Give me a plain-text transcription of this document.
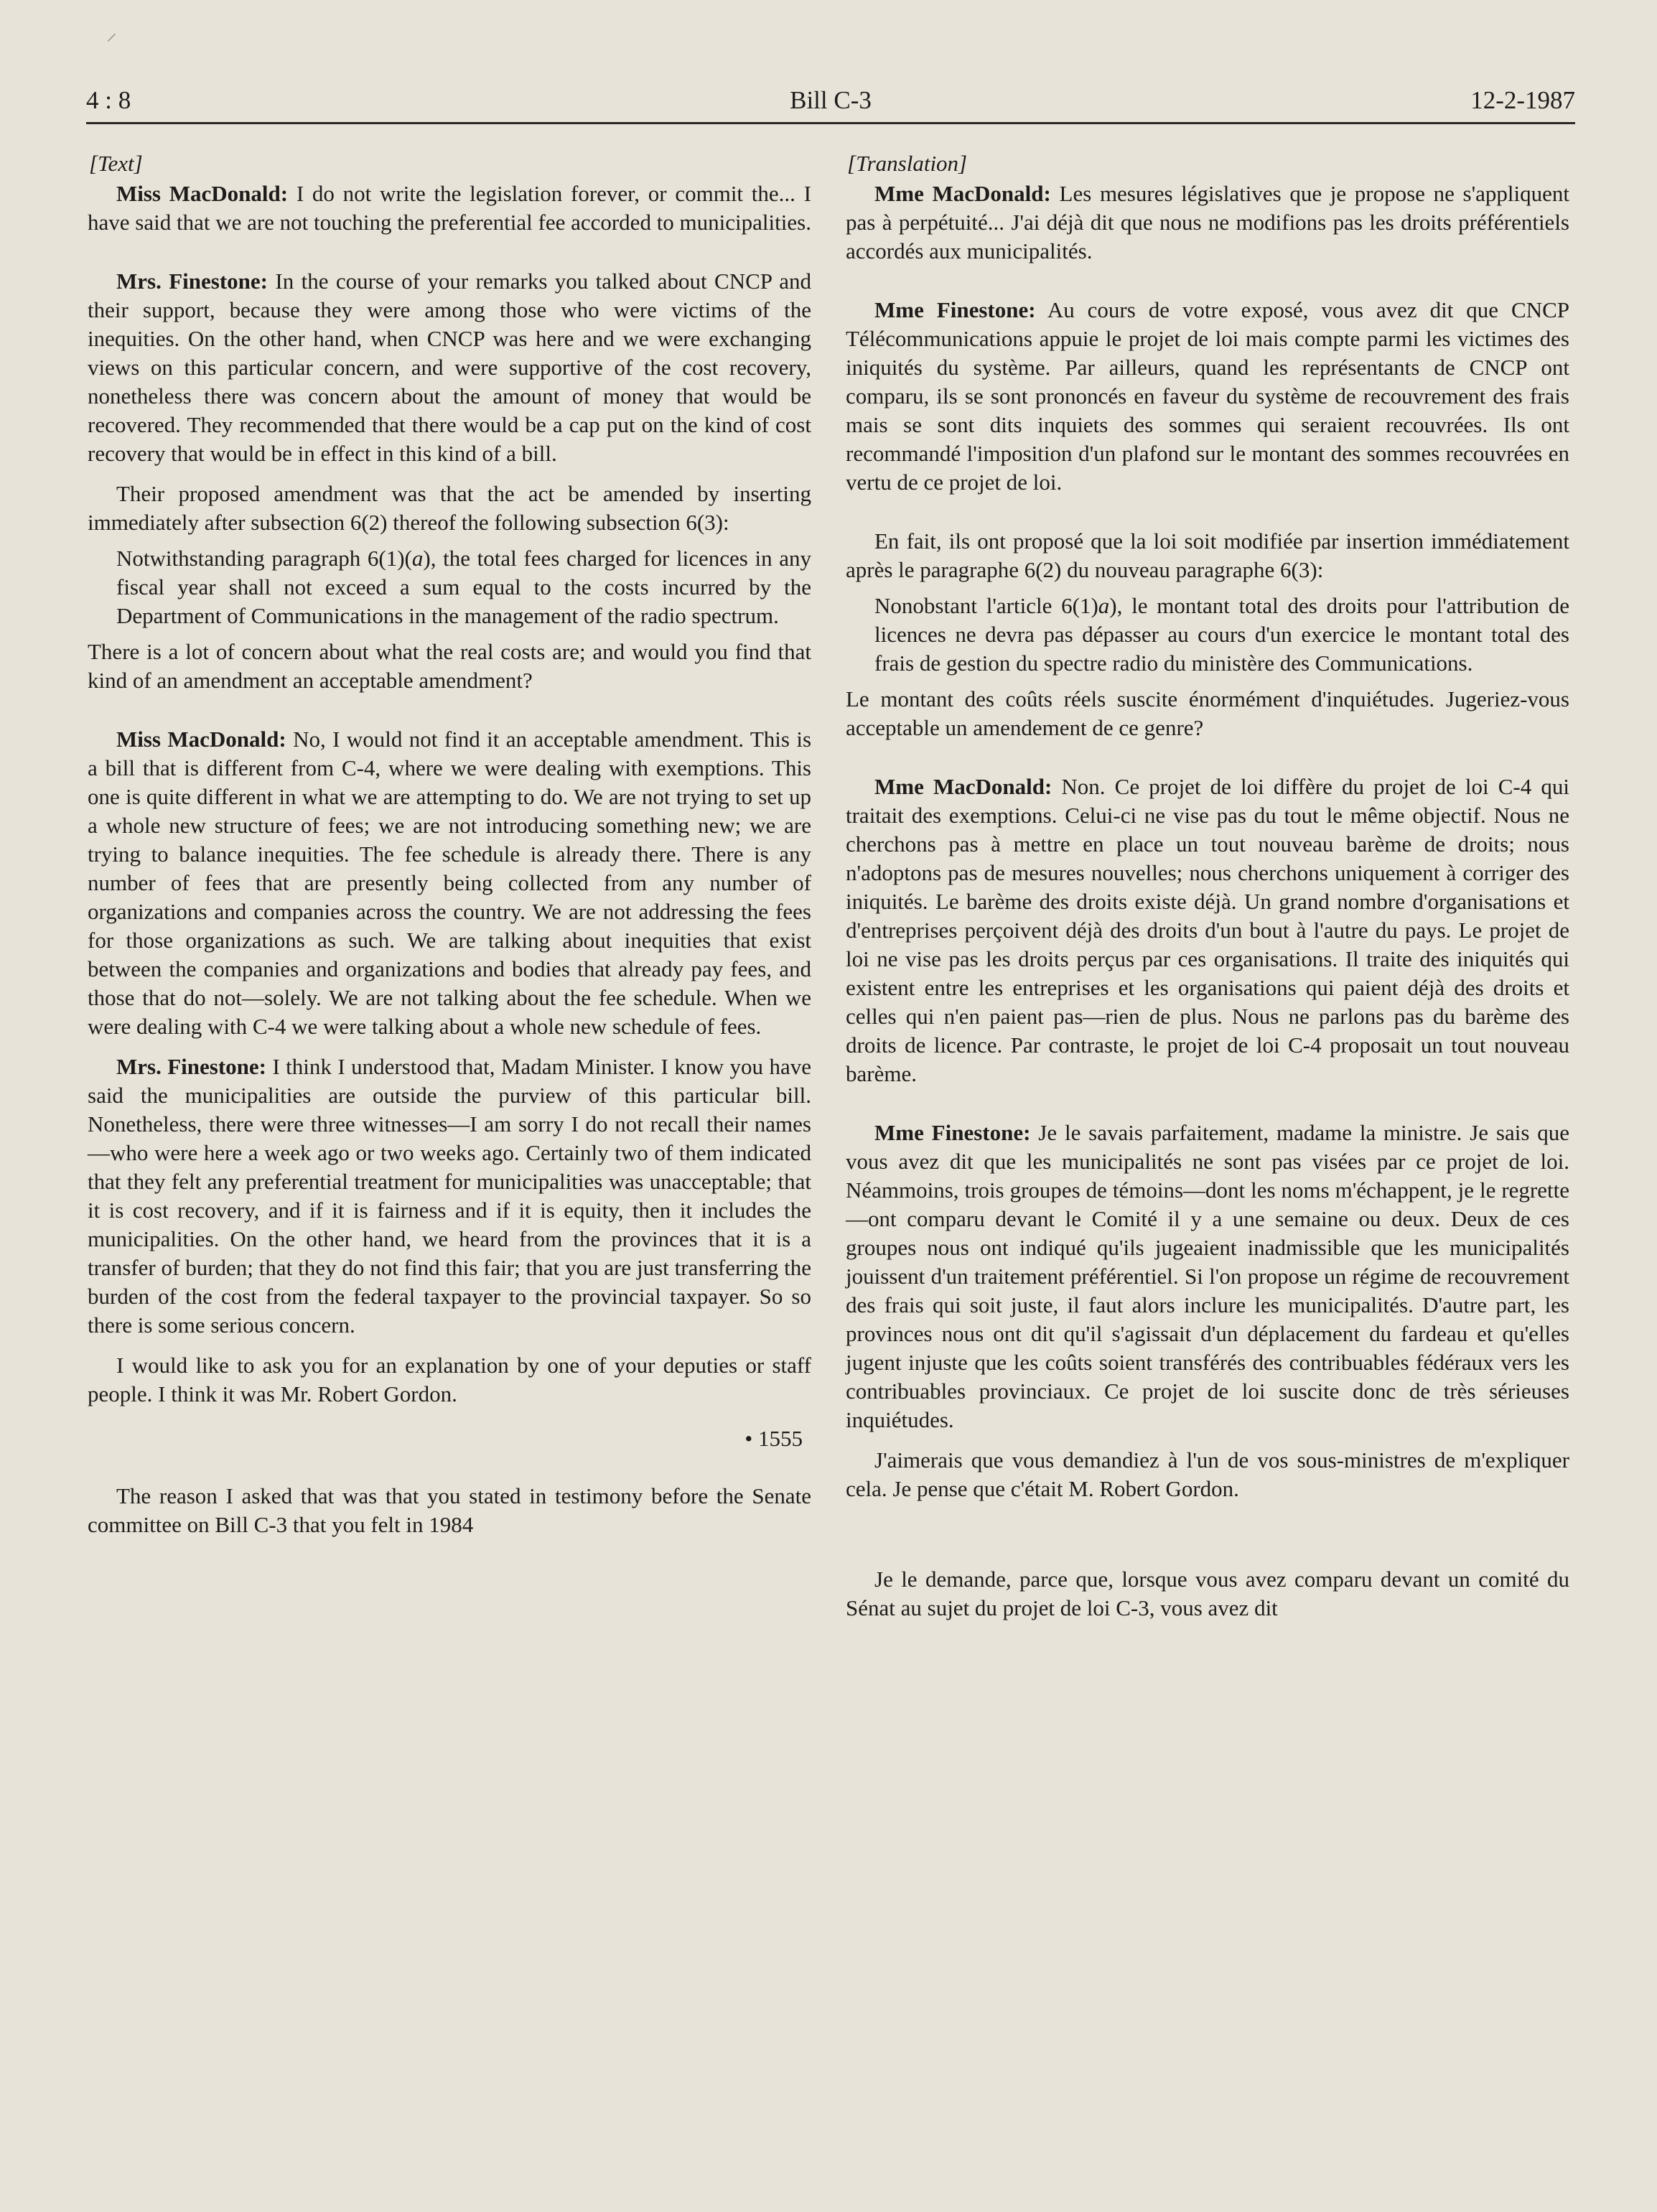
⸍
4 : 8	Bill C-3	12-2-1987
[Text]

Miss MacDonald: I do not write the legislation forever, or commit the... I have said that we are not touching the preferential fee accorded to municipalities.

Mrs. Finestone: In the course of your remarks you talked about CNCP and their support, because they were among those who were victims of the inequities. On the other hand, when CNCP was here and we were exchanging views on this particular concern, and were supportive of the cost recovery, nonetheless there was concern about the amount of money that would be recovered. They recommended that there would be a cap put on the kind of cost recovery that would be in effect in this kind of a bill.

Their proposed amendment was that the act be amended by inserting immediately after subsection 6(2) thereof the following subsection 6(3):

Notwithstanding paragraph 6(1)(a), the total fees charged for licences in any fiscal year shall not exceed a sum equal to the costs incurred by the Department of Communications in the management of the radio spectrum.

There is a lot of concern about what the real costs are; and would you find that kind of an amendment an acceptable amendment?

Miss MacDonald: No, I would not find it an acceptable amendment. This is a bill that is different from C-4, where we were dealing with exemptions. This one is quite different in what we are attempting to do. We are not trying to set up a whole new structure of fees; we are not introducing something new; we are trying to balance inequities. The fee schedule is already there. There is any number of fees that are presently being collected from any number of organizations and companies across the country. We are not addressing the fees for those organizations as such. We are talking about inequities that exist between the companies and organizations and bodies that already pay fees, and those that do not—solely. We are not talking about the fee schedule. When we were dealing with C-4 we were talking about a whole new schedule of fees.

Mrs. Finestone: I think I understood that, Madam Minister. I know you have said the municipalities are outside the purview of this particular bill. Nonetheless, there were three witnesses—I am sorry I do not recall their names—who were here a week ago or two weeks ago. Certainly two of them indicated that they felt any preferential treatment for municipalities was unacceptable; that it is cost recovery, and if it is fairness and if it is equity, then it includes the municipalities. On the other hand, we heard from the provinces that it is a transfer of burden; that they do not find this fair; that you are just transferring the burden of the cost from the federal taxpayer to the provincial taxpayer. So so there is some serious concern.

I would like to ask you for an explanation by one of your deputies or staff people. I think it was Mr. Robert Gordon.

• 1555

The reason I asked that was that you stated in testimony before the Senate committee on Bill C-3 that you felt in 1984

[Translation]

Mme MacDonald: Les mesures législatives que je propose ne s'appliquent pas à perpétuité... J'ai déjà dit que nous ne modifions pas les droits préférentiels accordés aux municipalités.

Mme Finestone: Au cours de votre exposé, vous avez dit que CNCP Télécommunications appuie le projet de loi mais compte parmi les victimes des iniquités du système. Par ailleurs, quand les représentants de CNCP ont comparu, ils se sont prononcés en faveur du système de recouvrement des frais mais se sont dits inquiets des sommes qui seraient recouvrées. Ils ont recommandé l'imposition d'un plafond sur le montant des sommes recouvrées en vertu de ce projet de loi.

En fait, ils ont proposé que la loi soit modifiée par insertion immédiatement après le paragraphe 6(2) du nouveau paragraphe 6(3):

Nonobstant l'article 6(1)a), le montant total des droits pour l'attribution de licences ne devra pas dépasser au cours d'un exercice le montant total des frais de gestion du spectre radio du ministère des Communications.

Le montant des coûts réels suscite énormément d'inquiétudes. Jugeriez-vous acceptable un amendement de ce genre?

Mme MacDonald: Non. Ce projet de loi diffère du projet de loi C-4 qui traitait des exemptions. Celui-ci ne vise pas du tout le même objectif. Nous ne cherchons pas à mettre en place un tout nouveau barème de droits; nous n'adoptons pas de mesures nouvelles; nous cherchons uniquement à corriger des iniquités. Le barème des droits existe déjà. Un grand nombre d'organisations et d'entreprises perçoivent déjà des droits d'un bout à l'autre du pays. Le projet de loi ne vise pas les droits perçus par ces organisations. Il traite des iniquités qui existent entre les entreprises et les organisations qui paient déjà des droits et celles qui n'en paient pas—rien de plus. Nous ne parlons pas du barème des droits de licence. Par contraste, le projet de loi C-4 proposait un tout nouveau barème.

Mme Finestone: Je le savais parfaitement, madame la ministre. Je sais que vous avez dit que les municipalités ne sont pas visées par ce projet de loi. Néammoins, trois groupes de témoins—dont les noms m'échappent, je le regrette—ont comparu devant le Comité il y a une semaine ou deux. Deux de ces groupes nous ont indiqué qu'ils jugeaient inadmissible que les municipalités jouissent d'un traitement préférentiel. Si l'on propose un régime de recouvrement des frais qui soit juste, il faut alors inclure les municipalités. D'autre part, les provinces nous ont dit qu'il s'agissait d'un déplacement du fardeau et qu'elles jugent injuste que les coûts soient transférés des contribuables fédéraux vers les contribuables provinciaux. Ce projet de loi suscite donc de très sérieuses inquiétudes.

J'aimerais que vous demandiez à l'un de vos sous-ministres de m'expliquer cela. Je pense que c'était M. Robert Gordon.

Je le demande, parce que, lorsque vous avez comparu devant un comité du Sénat au sujet du projet de loi C-3, vous avez dit
